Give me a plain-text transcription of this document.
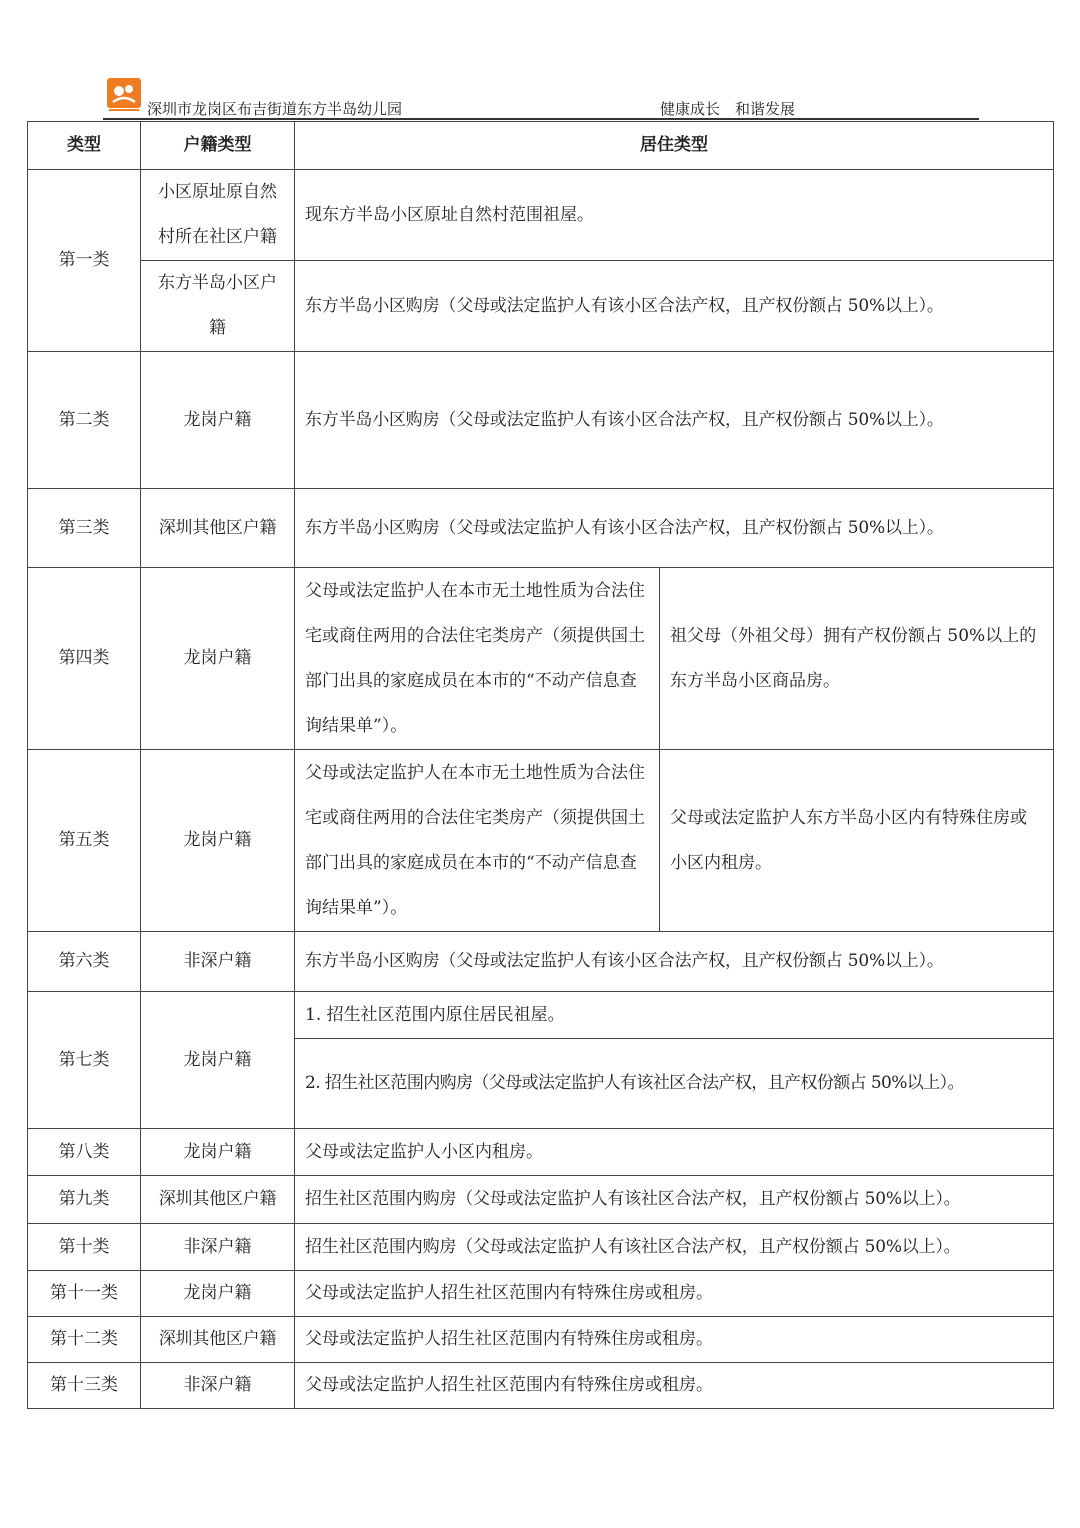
深圳市龙岗区布吉街道东方半岛幼儿园	健康成长　和谐发展
类型	户籍类型	居住类型	
第一类	小区原址原自然村所在社区户籍	现东方半岛小区原址自然村范围祖屋。	
	东方半岛小区户籍	东方半岛小区购房（父母或法定监护人有该小区合法产权，且产权份额占 50%以上）。	
第二类	龙岗户籍	东方半岛小区购房（父母或法定监护人有该小区合法产权，且产权份额占 50%以上）。	
第三类	深圳其他区户籍	东方半岛小区购房（父母或法定监护人有该小区合法产权，且产权份额占 50%以上）。	
第四类	龙岗户籍	父母或法定监护人在本市无土地性质为合法住宅或商住两用的合法住宅类房产（须提供国土部门出具的家庭成员在本市的“不动产信息查询结果单”）。	祖父母（外祖父母）拥有产权份额占 50%以上的东方半岛小区商品房。
第五类	龙岗户籍	父母或法定监护人在本市无土地性质为合法住宅或商住两用的合法住宅类房产（须提供国土部门出具的家庭成员在本市的“不动产信息查询结果单”）。	父母或法定监护人东方半岛小区内有特殊住房或小区内租房。
第六类	非深户籍	东方半岛小区购房（父母或法定监护人有该小区合法产权，且产权份额占 50%以上）。	
第七类	龙岗户籍	1. 招生社区范围内原住居民祖屋。	
		2. 招生社区范围内购房（父母或法定监护人有该社区合法产权，且产权份额占 50%以上）。	
第八类	龙岗户籍	父母或法定监护人小区内租房。	
第九类	深圳其他区户籍	招生社区范围内购房（父母或法定监护人有该社区合法产权，且产权份额占 50%以上）。	
第十类	非深户籍	招生社区范围内购房（父母或法定监护人有该社区合法产权，且产权份额占 50%以上）。	
第十一类	龙岗户籍	父母或法定监护人招生社区范围内有特殊住房或租房。	
第十二类	深圳其他区户籍	父母或法定监护人招生社区范围内有特殊住房或租房。	
第十三类	非深户籍	父母或法定监护人招生社区范围内有特殊住房或租房。	
